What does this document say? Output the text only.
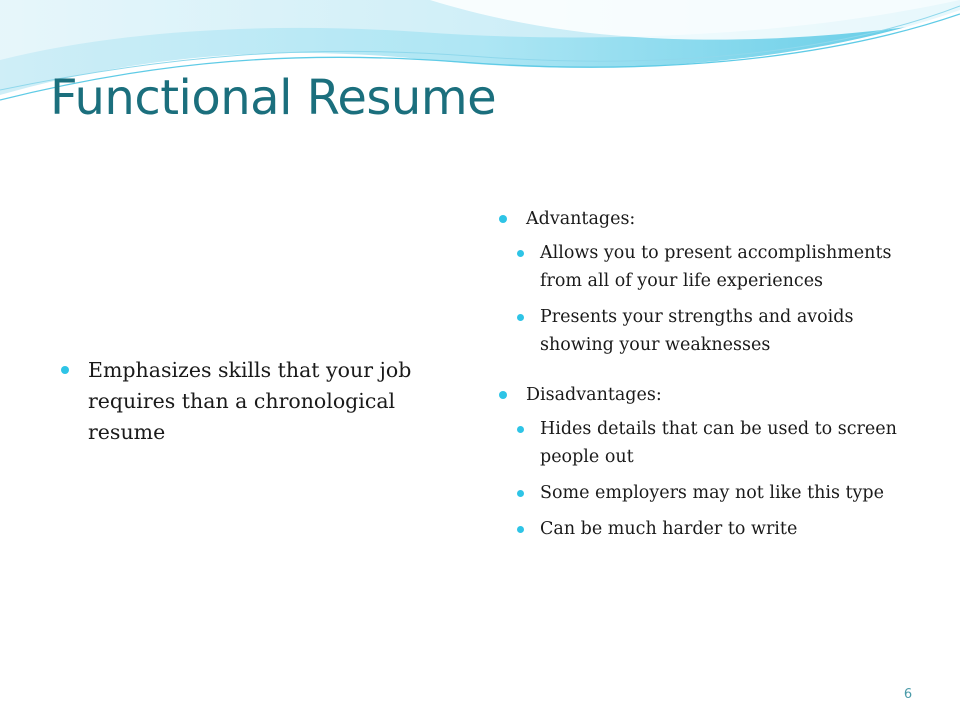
Functional Resume
Emphasizes skills that your job requires than a chronological resume
Advantages:
Allows you to present accomplishments from all of your life experiences
Presents your strengths and avoids showing your weaknesses
Disadvantages:
Hides details that can be used to screen people out
Some employers may not like this type
Can be much harder to write
6
